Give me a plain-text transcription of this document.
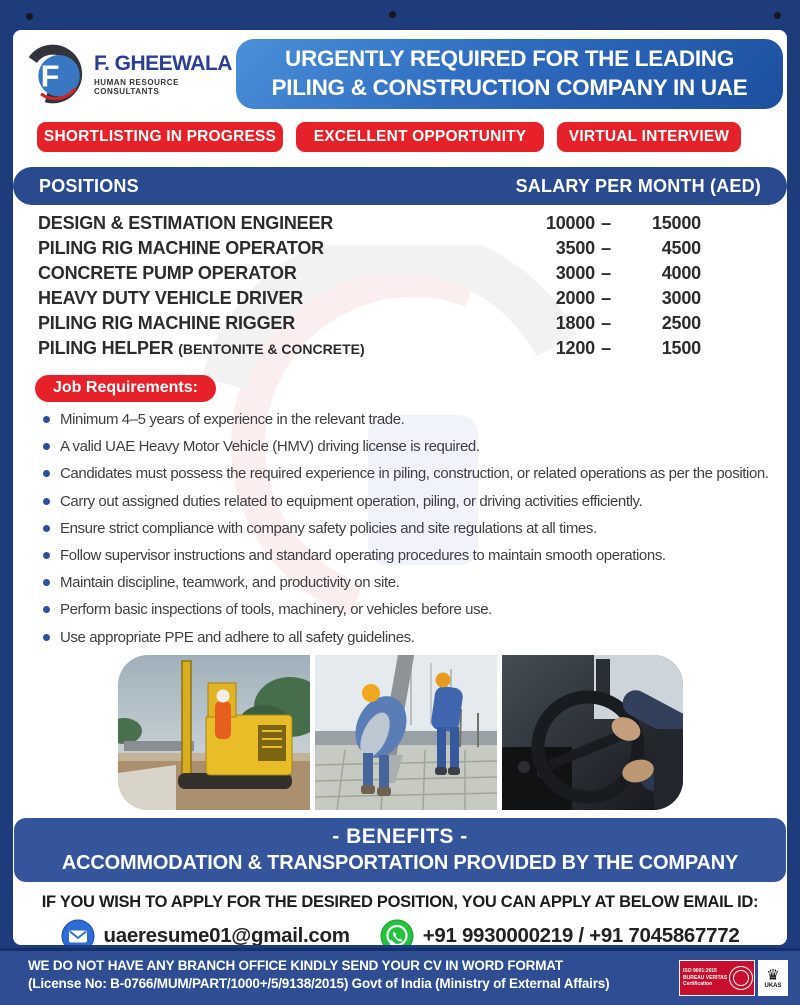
F F. GHEEWALA
HUMAN RESOURCE CONSULTANTS
URGENTLY REQUIRED FOR THE LEADING
PILING & CONSTRUCTION COMPANY IN UAE
SHORTLISTING IN PROGRESS	EXCELLENT OPPORTUNITY	VIRTUAL INTERVIEW
POSITIONS	SALARY PER MONTH (AED)
DESIGN & ESTIMATION ENGINEER	10000 –	15000
PILING RIG MACHINE OPERATOR	3500 –	4500
CONCRETE PUMP OPERATOR	3000 –	4000
HEAVY DUTY VEHICLE DRIVER	2000 –	3000
PILING RIG MACHINE RIGGER	1800 –	2500
PILING HELPER (BENTONITE & CONCRETE)	1200 –	1500
Job Requirements:
Minimum 4–5 years of experience in the relevant trade.
A valid UAE Heavy Motor Vehicle (HMV) driving license is required.
Candidates must possess the required experience in piling, construction, or related operations as per the position.
Carry out assigned duties related to equipment operation, piling, or driving activities efficiently.
Ensure strict compliance with company safety policies and site regulations at all times.
Follow supervisor instructions and standard operating procedures to maintain smooth operations.
Maintain discipline, teamwork, and productivity on site.
Perform basic inspections of tools, machinery, or vehicles before use.
Use appropriate PPE and adhere to all safety guidelines.
- BENEFITS -
ACCOMMODATION & TRANSPORTATION PROVIDED BY THE COMPANY
IF YOU WISH TO APPLY FOR THE DESIRED POSITION, YOU CAN APPLY AT BELOW EMAIL ID:
uaeresume01@gmail.com	+91 9930000219 / +91 7045867772
WE DO NOT HAVE ANY BRANCH OFFICE KINDLY SEND YOUR CV IN WORD FORMAT
(License No: B-0766/MUM/PART/1000+/5/9138/2015) Govt of India (Ministry of External Affairs)
ISO 9001:2015
BUREAU VERITAS
Certification
♛
UKAS
